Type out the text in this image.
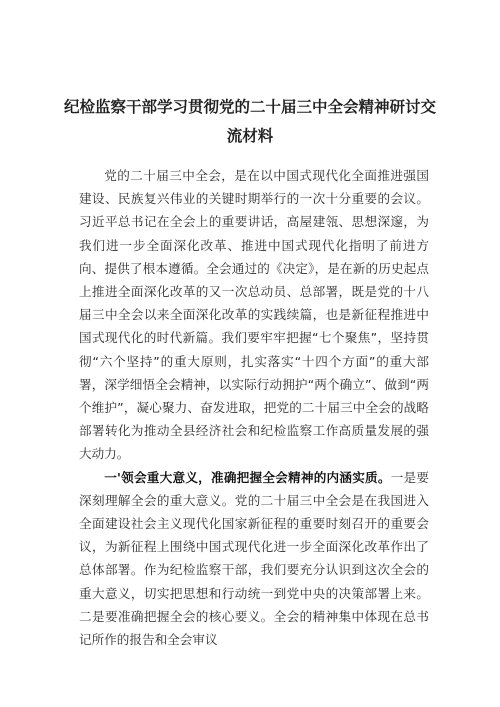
纪检监察干部学习贯彻党的二十届三中全会精神研讨交流材料

党的二十届三中全会，是在以中国式现代化全面推进强国建设、民族复兴伟业的关键时期举行的一次十分重要的会议。习近平总书记在全会上的重要讲话，高屋建瓴、思想深邃，为我们进一步全面深化改革、推进中国式现代化指明了前进方向、提供了根本遵循。全会通过的《决定》，是在新的历史起点上推进全面深化改革的又一次总动员、总部署，既是党的十八届三中全会以来全面深化改革的实践续篇，也是新征程推进中国式现代化的时代新篇。我们要牢牢把握“七个聚焦”，坚持贯彻“六个坚持”的重大原则，扎实落实“十四个方面”的重大部署，深学细悟全会精神，以实际行动拥护“两个确立”、做到“两个维护”，凝心聚力、奋发进取，把党的二十届三中全会的战略部署转化为推动全县经济社会和纪检监察工作高质量发展的强大动力。

一'领会重大意义，准确把握全会精神的内涵实质。一是要深刻理解全会的重大意义。党的二十届三中全会是在我国进入全面建设社会主义现代化国家新征程的重要时刻召开的重要会议，为新征程上围绕中国式现代化进一步全面深化改革作出了总体部署。作为纪检监察干部，我们要充分认识到这次全会的重大意义，切实把思想和行动统一到党中央的决策部署上来。二是要准确把握全会的核心要义。全会的精神集中体现在总书记所作的报告和全会审议
